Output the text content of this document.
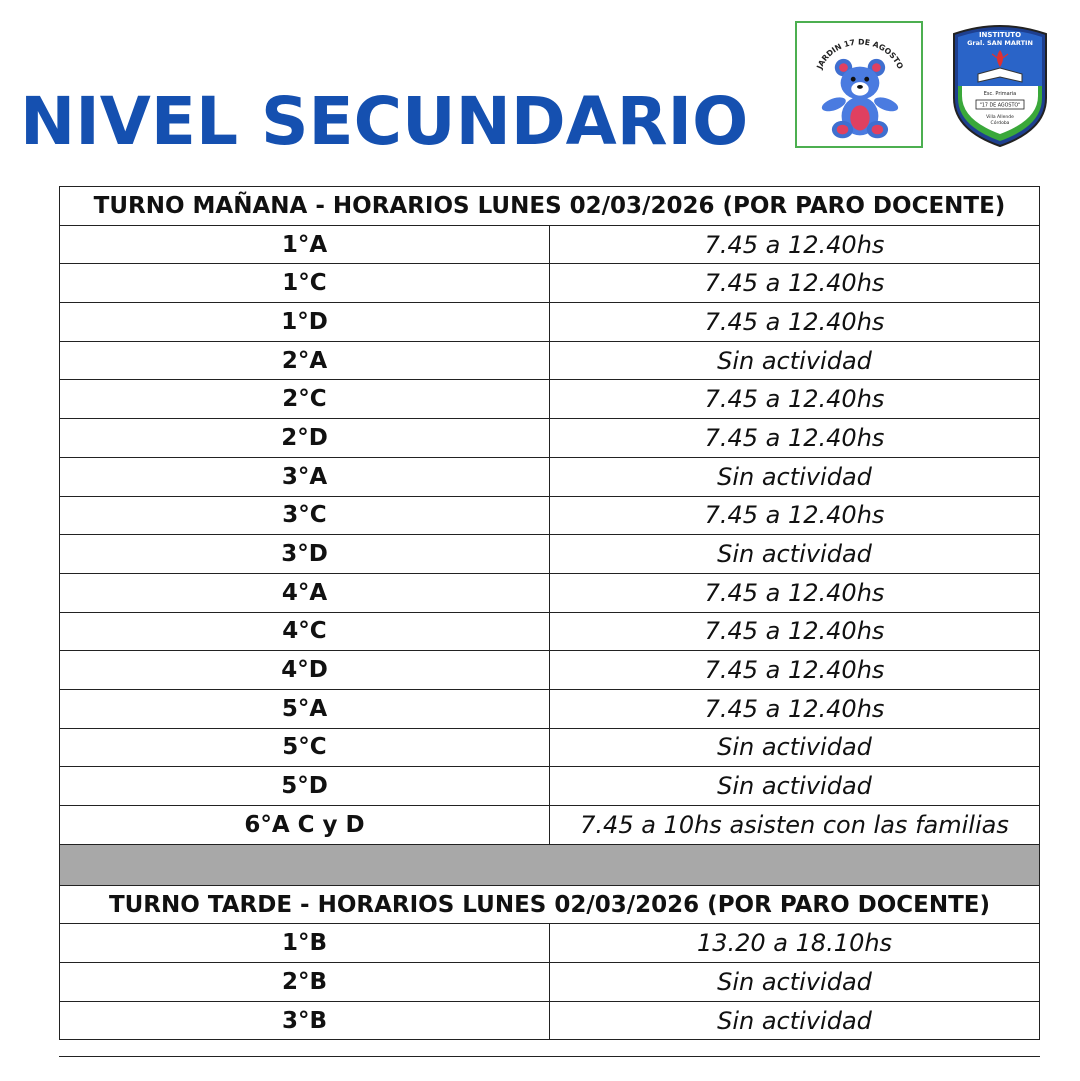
NIVEL SECUNDARIO
JARDIN 17 DE AGOSTO
INSTITUTO
Gral. SAN MARTIN
Esc. Primaria
"17 DE AGOSTO"
Villa Allende
Córdoba
TURNO MAÑANA - HORARIOS LUNES 02/03/2026 (POR PARO DOCENTE)	
1°A	7.45 a 12.40hs
1°C	7.45 a 12.40hs
1°D	7.45 a 12.40hs
2°A	Sin actividad
2°C	7.45 a 12.40hs
2°D	7.45 a 12.40hs
3°A	Sin actividad
3°C	7.45 a 12.40hs
3°D	Sin actividad
4°A	7.45 a 12.40hs
4°C	7.45 a 12.40hs
4°D	7.45 a 12.40hs
5°A	7.45 a 12.40hs
5°C	Sin actividad
5°D	Sin actividad
6°A C y D	7.45 a 10hs asisten con las familias

TURNO TARDE - HORARIOS LUNES 02/03/2026 (POR PARO DOCENTE)	
1°B	13.20 a 18.10hs
2°B	Sin actividad
3°B	Sin actividad
